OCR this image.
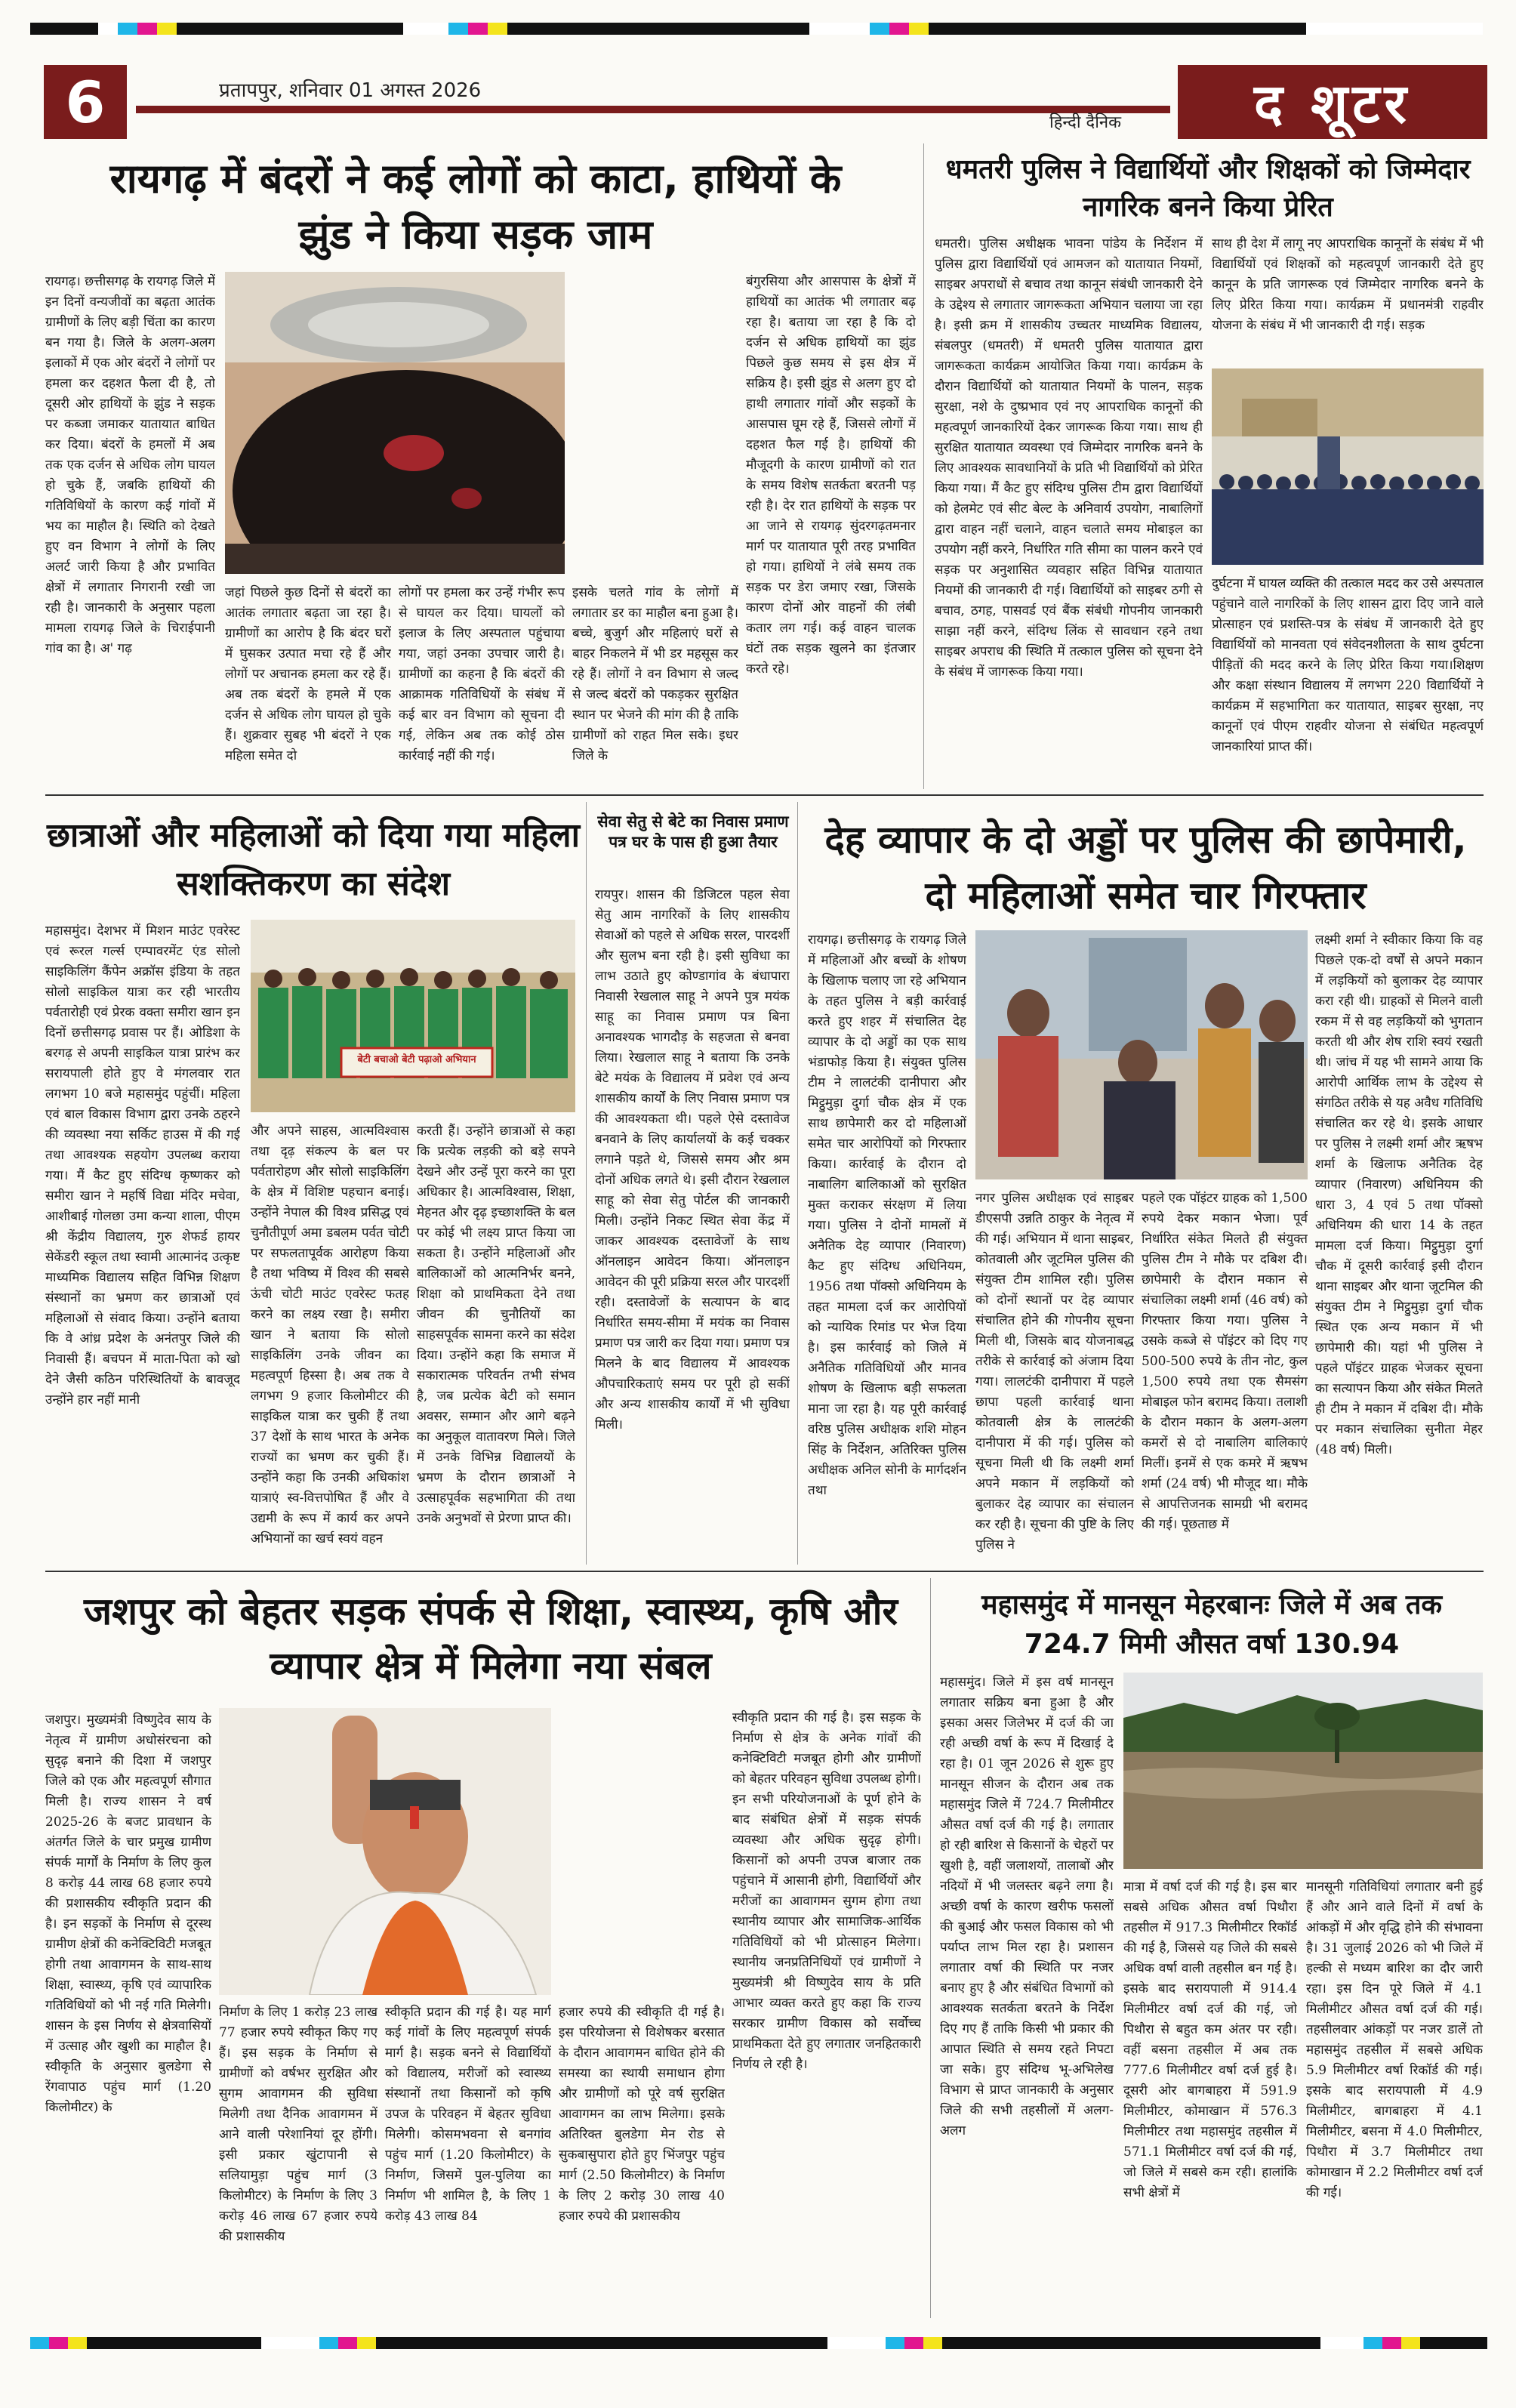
6	प्रतापपुर, शनिवार 01 अगस्त 2026
हिन्दी दैनिक	द शूटर
रायगढ़ में बंदरों ने कई लोगों को काटा, हाथियों के झुंड ने किया सड़क जाम
रायगढ़। छत्तीसगढ़ के रायगढ़ जिले में इन दिनों वन्यजीवों का बढ़ता आतंक ग्रामीणों के लिए बड़ी चिंता का कारण बन गया है। जिले के अलग-अलग इलाकों में एक ओर बंदरों ने लोगों पर हमला कर दहशत फैला दी है, तो दूसरी ओर हाथियों के झुंड ने सड़क पर कब्जा जमाकर यातायात बाधित कर दिया। बंदरों के हमलों में अब तक एक दर्जन से अधिक लोग घायल हो चुके हैं, जबकि हाथियों की गतिविधियों के कारण कई गांवों में भय का माहौल है। स्थिति को देखते हुए वन विभाग ने लोगों के लिए अलर्ट जारी किया है और प्रभावित क्षेत्रों में लगातार निगरानी रखी जा रही है। जानकारी के अनुसार पहला मामला रायगढ़ जिले के चिराईपानी गांव का है। अ' गढ़
जहां पिछले कुछ दिनों से बंदरों का आतंक लगातार बढ़ता जा रहा है। ग्रामीणों का आरोप है कि बंदर घरों में घुसकर उत्पात मचा रहे हैं और लोगों पर अचानक हमला कर रहे हैं। अब तक बंदरों के हमले में एक दर्जन से अधिक लोग घायल हो चुके हैं। शुक्रवार सुबह भी बंदरों ने एक महिला समेत दो
लोगों पर हमला कर उन्हें गंभीर रूप से घायल कर दिया। घायलों को इलाज के लिए अस्पताल पहुंचाया गया, जहां उनका उपचार जारी है। ग्रामीणों का कहना है कि बंदरों की आक्रामक गतिविधियों के संबंध में कई बार वन विभाग को सूचना दी गई, लेकिन अब तक कोई ठोस कार्रवाई नहीं की गई।
इसके चलते गांव के लोगों में लगातार डर का माहौल बना हुआ है। बच्चे, बुजुर्ग और महिलाएं घरों से बाहर निकलने में भी डर महसूस कर रहे हैं। लोगों ने वन विभाग से जल्द से जल्द बंदरों को पकड़कर सुरक्षित स्थान पर भेजने की मांग की है ताकि ग्रामीणों को राहत मिल सके। इधर जिले के
बंगुरसिया और आसपास के क्षेत्रों में हाथियों का आतंक भी लगातार बढ़ रहा है। बताया जा रहा है कि दो दर्जन से अधिक हाथियों का झुंड पिछले कुछ समय से इस क्षेत्र में सक्रिय है। इसी झुंड से अलग हुए दो हाथी लगातार गांवों और सड़कों के आसपास घूम रहे हैं, जिससे लोगों में दहशत फैल गई है। हाथियों की मौजूदगी के कारण ग्रामीणों को रात के समय विशेष सतर्कता बरतनी पड़ रही है। देर रात हाथियों के सड़क पर आ जाने से रायगढ़ सुंदरगढ़तमनार मार्ग पर यातायात पूरी तरह प्रभावित हो गया। हाथियों ने लंबे समय तक सड़क पर डेरा जमाए रखा, जिसके कारण दोनों ओर वाहनों की लंबी कतार लग गई। कई वाहन चालक घंटों तक सड़क खुलने का इंतजार करते रहे।
धमतरी पुलिस ने विद्यार्थियों और शिक्षकों को जिम्मेदार नागरिक बनने किया प्रेरित
धमतरी। पुलिस अधीक्षक भावना पांडेय के निर्देशन में पुलिस द्वारा विद्यार्थियों एवं आमजन को यातायात नियमों, साइबर अपराधों से बचाव तथा कानून संबंधी जानकारी देने के उद्देश्य से लगातार जागरूकता अभियान चलाया जा रहा है। इसी क्रम में शासकीय उच्चतर माध्यमिक विद्यालय, संबलपुर (धमतरी) में धमतरी पुलिस यातायात द्वारा जागरूकता कार्यक्रम आयोजित किया गया। कार्यक्रम के दौरान विद्यार्थियों को यातायात नियमों के पालन, सड़क सुरक्षा, नशे के दुष्प्रभाव एवं नए आपराधिक कानूनों की महत्वपूर्ण जानकारियों देकर जागरूक किया गया। साथ ही सुरक्षित यातायात व्यवस्था एवं जिम्मेदार नागरिक बनने के लिए आवश्यक सावधानियों के प्रति भी विद्यार्थियों को प्रेरित किया गया। मैं कैट हुए संदिग्ध पुलिस टीम द्वारा विद्यार्थियों को हेलमेट एवं सीट बेल्ट के अनिवार्य उपयोग, नाबालिगों द्वारा वाहन नहीं चलाने, वाहन चलाते समय मोबाइल का उपयोग नहीं करने, निर्धारित गति सीमा का पालन करने एवं सड़क पर अनुशासित व्यवहार सहित विभिन्न यातायात नियमों की जानकारी दी गई। विद्यार्थियों को साइबर ठगी से बचाव, ठगह, पासवर्ड एवं बैंक संबंधी गोपनीय जानकारी साझा नहीं करने, संदिग्ध लिंक से सावधान रहने तथा साइबर अपराध की स्थिति में तत्काल पुलिस को सूचना देने के संबंध में जागरूक किया गया।
साथ ही देश में लागू नए आपराधिक कानूनों के संबंध में भी विद्यार्थियों एवं शिक्षकों को महत्वपूर्ण जानकारी देते हुए कानून के प्रति जागरूक एवं जिम्मेदार नागरिक बनने के लिए प्रेरित किया गया। कार्यक्रम में प्रधानमंत्री राहवीर योजना के संबंध में भी जानकारी दी गई। सड़क
दुर्घटना में घायल व्यक्ति की तत्काल मदद कर उसे अस्पताल पहुंचाने वाले नागरिकों के लिए शासन द्वारा दिए जाने वाले प्रोत्साहन एवं प्रशस्ति-पत्र के संबंध में जानकारी देते हुए विद्यार्थियों को मानवता एवं संवेदनशीलता के साथ दुर्घटना पीड़ितों की मदद करने के लिए प्रेरित किया गया।शिक्षण और कक्षा संस्थान विद्यालय में लगभग 220 विद्यार्थियों ने कार्यक्रम में सहभागिता कर यातायात, साइबर सुरक्षा, नए कानूनों एवं पीएम राहवीर योजना से संबंधित महत्वपूर्ण जानकारियां प्राप्त कीं।
छात्राओं और महिलाओं को दिया गया महिला सशक्तिकरण का संदेश
महासमुंद। देशभर में मिशन माउंट एवरेस्ट एवं रूरल गर्ल्स एम्पावरमेंट एंड सोलो साइकिलिंग कैंपेन अक्रॉस इंडिया के तहत सोलो साइकिल यात्रा कर रही भारतीय पर्वतारोही एवं प्रेरक वक्ता समीरा खान इन दिनों छत्तीसगढ़ प्रवास पर हैं। ओडिशा के बरगढ़ से अपनी साइकिल यात्रा प्रारंभ कर सरायपाली होते हुए वे मंगलवार रात लगभग 10 बजे महासमुंद पहुंचीं। महिला एवं बाल विकास विभाग द्वारा उनके ठहरने की व्यवस्था नया सर्किट हाउस में की गई तथा आवश्यक सहयोग उपलब्ध कराया गया। मैं कैट हुए संदिग्ध कृष्णकर को समीरा खान ने महर्षि विद्या मंदिर मचेवा, आशीबाई गोलछा उमा कन्या शाला, पीएम श्री केंद्रीय विद्यालय, गुरु शेफर्ड हायर सेकेंडरी स्कूल तथा स्वामी आत्मानंद उत्कृष्ट माध्यमिक विद्यालय सहित विभिन्न शिक्षण संस्थानों का भ्रमण कर छात्राओं एवं महिलाओं से संवाद किया। उन्होंने बताया कि वे आंध्र प्रदेश के अनंतपुर जिले की निवासी हैं। बचपन में माता-पिता को खो देने जैसी कठिन परिस्थितियों के बावजूद उन्होंने हार नहीं मानी
बेटी बचाओ बेटी पढ़ाओ अभियान
और अपने साहस, आत्मविश्वास तथा दृढ़ संकल्प के बल पर पर्वतारोहण और सोलो साइकिलिंग के क्षेत्र में विशिष्ट पहचान बनाई। उन्होंने नेपाल की विश्व प्रसिद्ध एवं चुनौतीपूर्ण अमा डबलम पर्वत चोटी पर सफलतापूर्वक आरोहण किया है तथा भविष्य में विश्व की सबसे ऊंची चोटी माउंट एवरेस्ट फतह करने का लक्ष्य रखा है। समीरा खान ने बताया कि सोलो साइकिलिंग उनके जीवन का महत्वपूर्ण हिस्सा है। अब तक वे लगभग 9 हजार किलोमीटर की साइकिल यात्रा कर चुकी हैं तथा 37 देशों के साथ भारत के अनेक राज्यों का भ्रमण कर चुकी हैं। उन्होंने कहा कि उनकी अधिकांश यात्राएं स्व-वित्तपोषित हैं और वे उद्यमी के रूप में कार्य कर अपने अभियानों का खर्च स्वयं वहन
करती हैं। उन्होंने छात्राओं से कहा कि प्रत्येक लड़की को बड़े सपने देखने और उन्हें पूरा करने का पूरा अधिकार है। आत्मविश्वास, शिक्षा, मेहनत और दृढ़ इच्छाशक्ति के बल पर कोई भी लक्ष्य प्राप्त किया जा सकता है। उन्होंने महिलाओं और बालिकाओं को आत्मनिर्भर बनने, शिक्षा को प्राथमिकता देने तथा जीवन की चुनौतियों का साहसपूर्वक सामना करने का संदेश दिया। उन्होंने कहा कि समाज में सकारात्मक परिवर्तन तभी संभव है, जब प्रत्येक बेटी को समान अवसर, सम्मान और आगे बढ़ने का अनुकूल वातावरण मिले। जिले में उनके विभिन्न विद्यालयों के भ्रमण के दौरान छात्राओं ने उत्साहपूर्वक सहभागिता की तथा उनके अनुभवों से प्रेरणा प्राप्त की।
सेवा सेतु से बेटे का निवास प्रमाण पत्र घर के पास ही हुआ तैयार
रायपुर। शासन की डिजिटल पहल सेवा सेतु आम नागरिकों के लिए शासकीय सेवाओं को पहले से अधिक सरल, पारदर्शी और सुलभ बना रही है। इसी सुविधा का लाभ उठाते हुए कोण्डागांव के बंधापारा निवासी रेखलाल साहू ने अपने पुत्र मयंक साहू का निवास प्रमाण पत्र बिना अनावश्यक भागदौड़ के सहजता से बनवा लिया। रेखलाल साहू ने बताया कि उनके बेटे मयंक के विद्यालय में प्रवेश एवं अन्य शासकीय कार्यों के लिए निवास प्रमाण पत्र की आवश्यकता थी। पहले ऐसे दस्तावेज बनवाने के लिए कार्यालयों के कई चक्कर लगाने पड़ते थे, जिससे समय और श्रम दोनों अधिक लगते थे। इसी दौरान रेखलाल साहू को सेवा सेतु पोर्टल की जानकारी मिली। उन्होंने निकट स्थित सेवा केंद्र में जाकर आवश्यक दस्तावेजों के साथ ऑनलाइन आवेदन किया। ऑनलाइन आवेदन की पूरी प्रक्रिया सरल और पारदर्शी रही। दस्तावेजों के सत्यापन के बाद निर्धारित समय-सीमा में मयंक का निवास प्रमाण पत्र जारी कर दिया गया। प्रमाण पत्र मिलने के बाद विद्यालय में आवश्यक औपचारिकताएं समय पर पूरी हो सकीं और अन्य शासकीय कार्यों में भी सुविधा मिली।
देह व्यापार के दो अड्डों पर पुलिस की छापेमारी, दो महिलाओं समेत चार गिरफ्तार
रायगढ़। छत्तीसगढ़ के रायगढ़ जिले में महिलाओं और बच्चों के शोषण के खिलाफ चलाए जा रहे अभियान के तहत पुलिस ने बड़ी कार्रवाई करते हुए शहर में संचालित देह व्यापार के दो अड्डों का एक साथ भंडाफोड़ किया है। संयुक्त पुलिस टीम ने लालटंकी दानीपारा और मिट्ठुमुड़ा दुर्गा चौक क्षेत्र में एक साथ छापेमारी कर दो महिलाओं समेत चार आरोपियों को गिरफ्तार किया। कार्रवाई के दौरान दो नाबालिग बालिकाओं को सुरक्षित मुक्त कराकर संरक्षण में लिया गया। पुलिस ने दोनों मामलों में अनैतिक देह व्यापार (निवारण) कैट हुए संदिग्ध अधिनियम, 1956 तथा पॉक्सो अधिनियम के तहत मामला दर्ज कर आरोपियों को न्यायिक रिमांड पर भेज दिया है। इस कार्रवाई को जिले में अनैतिक गतिविधियों और मानव शोषण के खिलाफ बड़ी सफलता माना जा रहा है। यह पूरी कार्रवाई वरिष्ठ पुलिस अधीक्षक शशि मोहन सिंह के निर्देशन, अतिरिक्त पुलिस अधीक्षक अनिल सोनी के मार्गदर्शन तथा
नगर पुलिस अधीक्षक एवं साइबर डीएसपी उन्नति ठाकुर के नेतृत्व में की गई। अभियान में थाना साइबर, कोतवाली और जूटमिल पुलिस की संयुक्त टीम शामिल रही। पुलिस को दोनों स्थानों पर देह व्यापार संचालित होने की गोपनीय सूचना मिली थी, जिसके बाद योजनाबद्ध तरीके से कार्रवाई को अंजाम दिया गया। लालटंकी दानीपारा में पहले छापा पहली कार्रवाई थाना कोतवाली क्षेत्र के लालटंकी दानीपारा में की गई। पुलिस को सूचना मिली थी कि लक्ष्मी शर्मा अपने मकान में लड़कियों को बुलाकर देह व्यापार का संचालन कर रही है। सूचना की पुष्टि के लिए पुलिस ने
पहले एक पॉइंटर ग्राहक को 1,500 रुपये देकर मकान भेजा। पूर्व निर्धारित संकेत मिलते ही संयुक्त पुलिस टीम ने मौके पर दबिश दी। छापेमारी के दौरान मकान से संचालिका लक्ष्मी शर्मा (46 वर्ष) को गिरफ्तार किया गया। पुलिस ने उसके कब्जे से पॉइंटर को दिए गए 500-500 रुपये के तीन नोट, कुल 1,500 रुपये तथा एक सैमसंग मोबाइल फोन बरामद किया। तलाशी के दौरान मकान के अलग-अलग कमरों से दो नाबालिग बालिकाएं मिलीं। इनमें से एक कमरे में ऋषभ शर्मा (24 वर्ष) भी मौजूद था। मौके से आपत्तिजनक सामग्री भी बरामद की गई। पूछताछ में
लक्ष्मी शर्मा ने स्वीकार किया कि वह पिछले एक-दो वर्षों से अपने मकान में लड़कियों को बुलाकर देह व्यापार करा रही थी। ग्राहकों से मिलने वाली रकम में से वह लड़कियों को भुगतान करती थी और शेष राशि स्वयं रखती थी। जांच में यह भी सामने आया कि आरोपी आर्थिक लाभ के उद्देश्य से संगठित तरीके से यह अवैध गतिविधि संचालित कर रहे थे। इसके आधार पर पुलिस ने लक्ष्मी शर्मा और ऋषभ शर्मा के खिलाफ अनैतिक देह व्यापार (निवारण) अधिनियम की धारा 3, 4 एवं 5 तथा पॉक्सो अधिनियम की धारा 14 के तहत मामला दर्ज किया। मिट्ठुमुड़ा दुर्गा चौक में दूसरी कार्रवाई इसी दौरान थाना साइबर और थाना जूटमिल की संयुक्त टीम ने मिट्ठुमुड़ा दुर्गा चौक स्थित एक अन्य मकान में भी छापेमारी की। यहां भी पुलिस ने पहले पॉइंटर ग्राहक भेजकर सूचना का सत्यापन किया और संकेत मिलते ही टीम ने मकान में दबिश दी। मौके पर मकान संचालिका सुनीता मेहर (48 वर्ष) मिली।
जशपुर को बेहतर सड़क संपर्क से शिक्षा, स्वास्थ्य, कृषि और व्यापार क्षेत्र में मिलेगा नया संबल
जशपुर। मुख्यमंत्री विष्णुदेव साय के नेतृत्व में ग्रामीण अधोसंरचना को सुदृढ़ बनाने की दिशा में जशपुर जिले को एक और महत्वपूर्ण सौगात मिली है। राज्य शासन ने वर्ष 2025-26 के बजट प्रावधान के अंतर्गत जिले के चार प्रमुख ग्रामीण संपर्क मार्गों के निर्माण के लिए कुल 8 करोड़ 44 लाख 68 हजार रुपये की प्रशासकीय स्वीकृति प्रदान की है। इन सड़कों के निर्माण से दूरस्थ ग्रामीण क्षेत्रों की कनेक्टिविटी मजबूत होगी तथा आवागमन के साथ-साथ शिक्षा, स्वास्थ्य, कृषि एवं व्यापारिक गतिविधियों को भी नई गति मिलेगी। शासन के इस निर्णय से क्षेत्रवासियों में उत्साह और खुशी का माहौल है। स्वीकृति के अनुसार बुलडेगा से रेंगवापाठ पहुंच मार्ग (1.20 किलोमीटर) के
निर्माण के लिए 1 करोड़ 23 लाख 77 हजार रुपये स्वीकृत किए गए हैं। इस सड़क के निर्माण से ग्रामीणों को वर्षभर सुरक्षित और सुगम आवागमन की सुविधा मिलेगी तथा दैनिक आवागमन में आने वाली परेशानियां दूर होंगी। इसी प्रकार खुंटापानी से सलियामुड़ा पहुंच मार्ग (3 किलोमीटर) के निर्माण के लिए 3 करोड़ 46 लाख 67 हजार रुपये की प्रशासकीय
स्वीकृति प्रदान की गई है। यह मार्ग कई गांवों के लिए महत्वपूर्ण संपर्क मार्ग है। सड़क बनने से विद्यार्थियों को विद्यालय, मरीजों को स्वास्थ्य संस्थानों तथा किसानों को कृषि उपज के परिवहन में बेहतर सुविधा मिलेगी। कोसमभवना से बनगांव पहुंच मार्ग (1.20 किलोमीटर) के निर्माण, जिसमें पुल-पुलिया का निर्माण भी शामिल है, के लिए 1 करोड़ 43 लाख 84
हजार रुपये की स्वीकृति दी गई है। इस परियोजना से विशेषकर बरसात के दौरान आवागमन बाधित होने की समस्या का स्थायी समाधान होगा और ग्रामीणों को पूरे वर्ष सुरक्षित आवागमन का लाभ मिलेगा। इसके अतिरिक्त बुलडेगा मेन रोड से सुकबासुपारा होते हुए भिंजपुर पहुंच मार्ग (2.50 किलोमीटर) के निर्माण के लिए 2 करोड़ 30 लाख 40 हजार रुपये की प्रशासकीय
स्वीकृति प्रदान की गई है। इस सड़क के निर्माण से क्षेत्र के अनेक गांवों की कनेक्टिविटी मजबूत होगी और ग्रामीणों को बेहतर परिवहन सुविधा उपलब्ध होगी। इन सभी परियोजनाओं के पूर्ण होने के बाद संबंधित क्षेत्रों में सड़क संपर्क व्यवस्था और अधिक सुदृढ़ होगी। किसानों को अपनी उपज बाजार तक पहुंचाने में आसानी होगी, विद्यार्थियों और मरीजों का आवागमन सुगम होगा तथा स्थानीय व्यापार और सामाजिक-आर्थिक गतिविधियों को भी प्रोत्साहन मिलेगा। स्थानीय जनप्रतिनिधियों एवं ग्रामीणों ने मुख्यमंत्री श्री विष्णुदेव साय के प्रति आभार व्यक्त करते हुए कहा कि राज्य सरकार ग्रामीण विकास को सर्वोच्च प्राथमिकता देते हुए लगातार जनहितकारी निर्णय ले रही है।
महासमुंद में मानसून मेहरबानः जिले में अब तक 724.7 मिमी औसत वर्षा 130.94
महासमुंद। जिले में इस वर्ष मानसून लगातार सक्रिय बना हुआ है और इसका असर जिलेभर में दर्ज की जा रही अच्छी वर्षा के रूप में दिखाई दे रहा है। 01 जून 2026 से शुरू हुए मानसून सीजन के दौरान अब तक महासमुंद जिले में 724.7 मिलीमीटर औसत वर्षा दर्ज की गई है। लगातार हो रही बारिश से किसानों के चेहरों पर खुशी है, वहीं जलाशयों, तालाबों और नदियों में भी जलस्तर बढ़ने लगा है। अच्छी वर्षा के कारण खरीफ फसलों की बुआई और फसल विकास को भी पर्याप्त लाभ मिल रहा है। प्रशासन लगातार वर्षा की स्थिति पर नजर बनाए हुए है और संबंधित विभागों को आवश्यक सतर्कता बरतने के निर्देश दिए गए हैं ताकि किसी भी प्रकार की आपात स्थिति से समय रहते निपटा जा सके। हुए संदिग्ध भू-अभिलेख विभाग से प्राप्त जानकारी के अनुसार जिले की सभी तहसीलों में अलग-अलग
मात्रा में वर्षा दर्ज की गई है। इस बार सबसे अधिक औसत वर्षा पिथौरा तहसील में 917.3 मिलीमीटर रिकॉर्ड की गई है, जिससे यह जिले की सबसे अधिक वर्षा वाली तहसील बन गई है। इसके बाद सरायपाली में 914.4 मिलीमीटर वर्षा दर्ज की गई, जो पिथौरा से बहुत कम अंतर पर रही। वहीं बसना तहसील में अब तक 777.6 मिलीमीटर वर्षा दर्ज हुई है। दूसरी ओर बागबाहरा में 591.9 मिलीमीटर, कोमाखान में 576.3 मिलीमीटर तथा महासमुंद तहसील में 571.1 मिलीमीटर वर्षा दर्ज की गई, जो जिले में सबसे कम रही। हालांकि सभी क्षेत्रों में
मानसूनी गतिविधियां लगातार बनी हुई हैं और आने वाले दिनों में वर्षा के आंकड़ों में और वृद्धि होने की संभावना है। 31 जुलाई 2026 को भी जिले में हल्की से मध्यम बारिश का दौर जारी रहा। इस दिन पूरे जिले में 4.1 मिलीमीटर औसत वर्षा दर्ज की गई। तहसीलवार आंकड़ों पर नजर डालें तो महासमुंद तहसील में सबसे अधिक 5.9 मिलीमीटर वर्षा रिकॉर्ड की गई। इसके बाद सरायपाली में 4.9 मिलीमीटर, बागबाहरा में 4.1 मिलीमीटर, बसना में 4.0 मिलीमीटर, पिथौरा में 3.7 मिलीमीटर तथा कोमाखान में 2.2 मिलीमीटर वर्षा दर्ज की गई।
